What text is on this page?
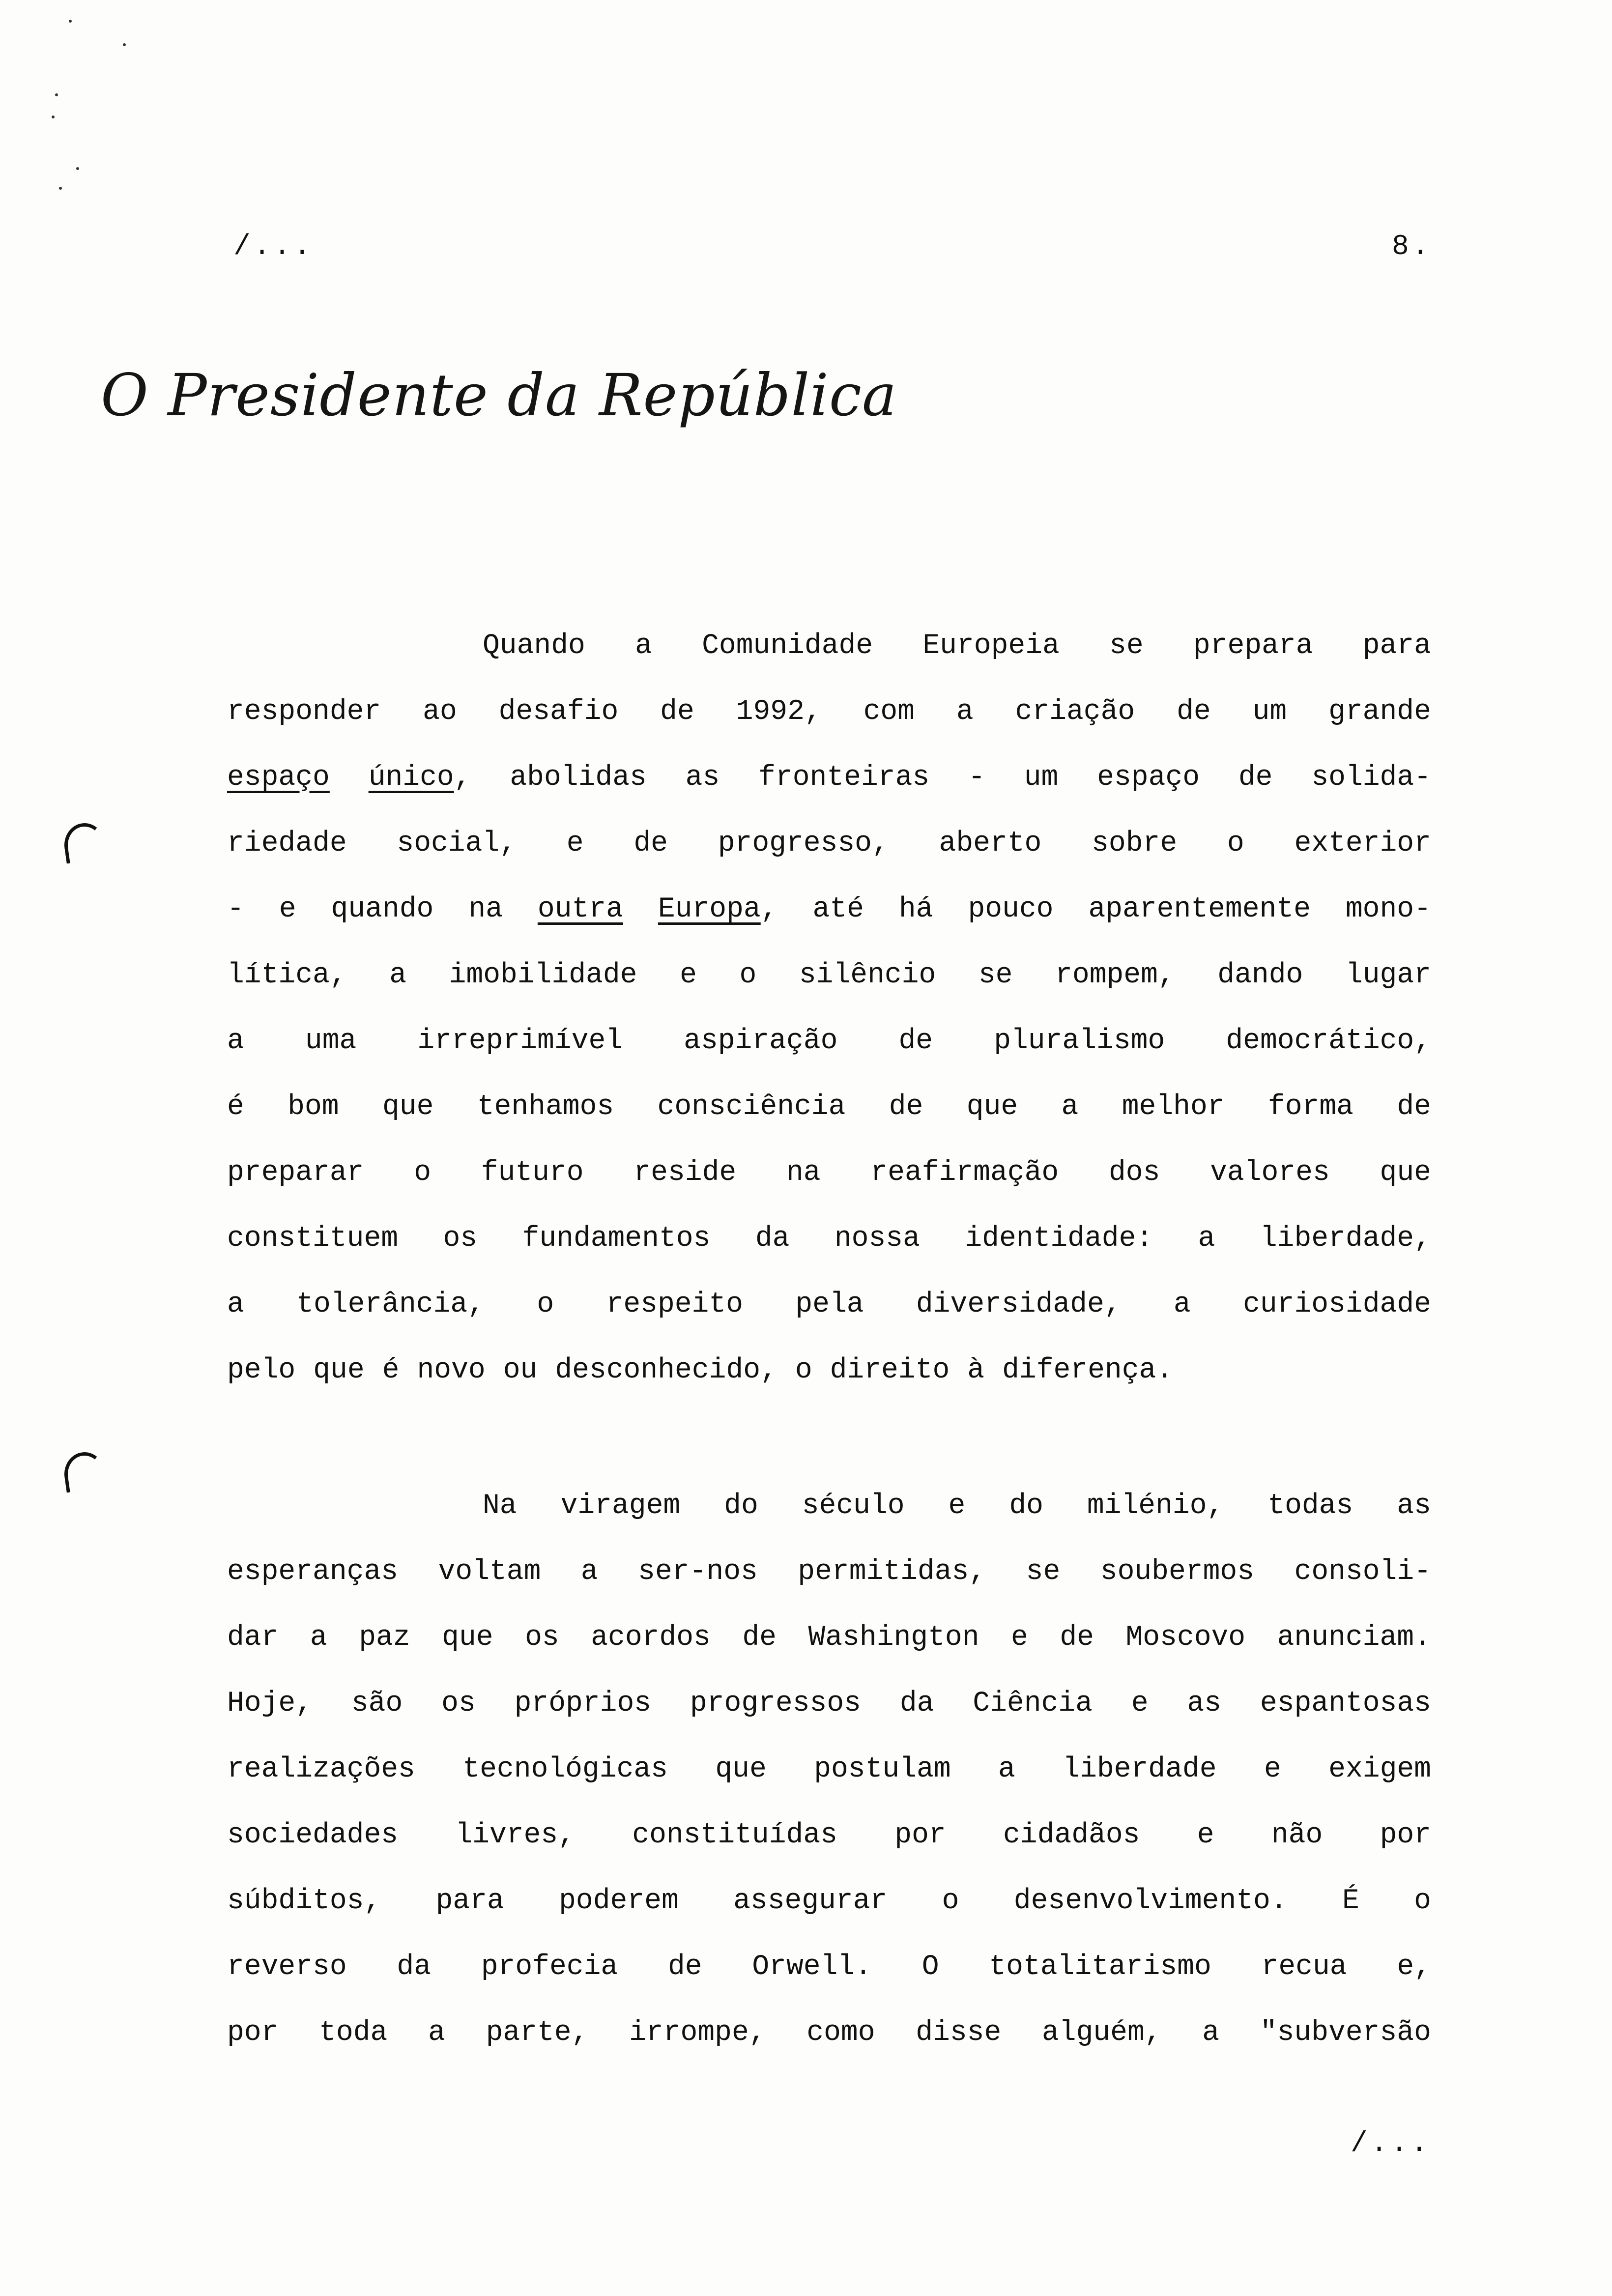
/...	8.
O Presidente da República
Quando a Comunidade Europeia se prepara para
responder ao desafio de 1992, com a criação de um grande
espaço único, abolidas as fronteiras - um espaço de solida-
riedade social, e de progresso, aberto sobre o exterior
- e quando na outra Europa, até há pouco aparentemente mono-
lítica, a imobilidade e o silêncio se rompem, dando lugar
a uma irreprimível aspiração de pluralismo democrático,
é bom que tenhamos consciência de que a melhor forma de
preparar o futuro reside na reafirmação dos valores que
constituem os fundamentos da nossa identidade: a liberdade,
a tolerância, o respeito pela diversidade, a curiosidade
pelo que é novo ou desconhecido, o direito à diferença.
Na viragem do século e do milénio, todas as
esperanças voltam a ser-nos permitidas, se soubermos consoli-
dar a paz que os acordos de Washington e de Moscovo anunciam.
Hoje, são os próprios progressos da Ciência e as espantosas
realizações tecnológicas que postulam a liberdade e exigem
sociedades livres, constituídas por cidadãos e não por
súbditos, para poderem assegurar o desenvolvimento. É o
reverso da profecia de Orwell. O totalitarismo recua e,
por toda a parte, irrompe, como disse alguém, a "subversão
/...
